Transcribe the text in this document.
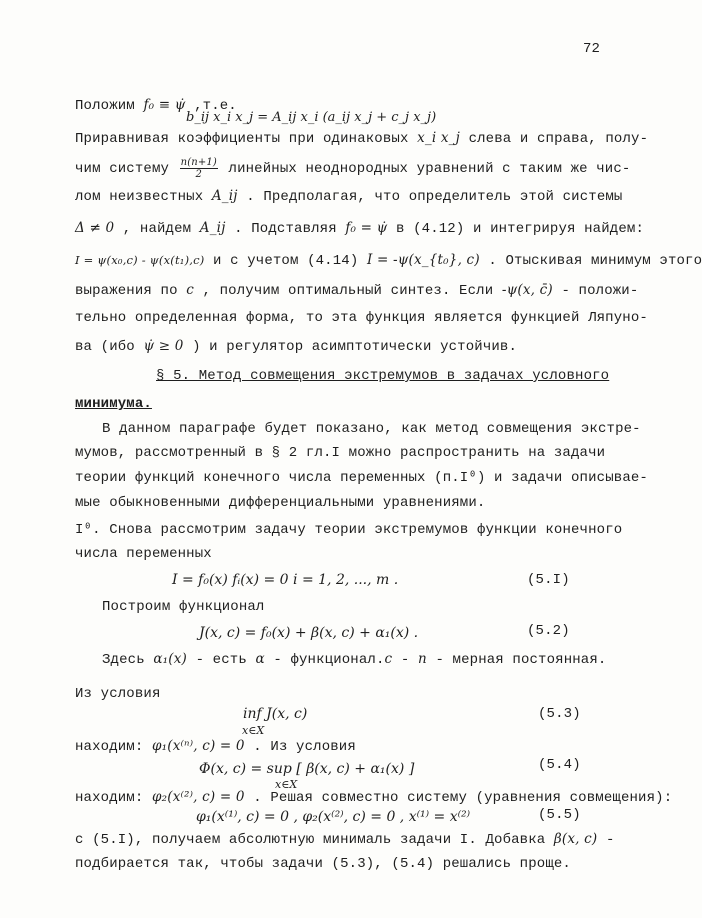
72
Положим f₀ ≡ ψ̇ ,т.е.
b_ij x_i x_j = A_ij x_i (a_ij x_j + c_j x_j)
Приравнивая коэффициенты при одинаковых x_i x_j слева и справа, полу-
чим систему $\frac{n(n+1)}{2}$ линейных неоднородных уравнений с таким же чис-
лом неизвестных A_ij . Предполагая, что определитель этой системы
Δ ≠ 0 , найдем A_ij . Подставляя f₀ = ψ̇ в (4.12) и интегрируя найдем:
I = ψ(x₀,c) - ψ(x(t₁),c) и с учетом (4.14) I = -ψ(x_{t₀}, c) . Отыскивая минимум этого
выражения по c , получим оптимальный синтез. Если -ψ(x, c̄) - положи-
тельно определенная форма, то эта функция является функцией Ляпуно-
ва (ибо ψ̇ ≥ 0 ) и регулятор асимптотически устойчив.
§ 5. Метод совмещения экстремумов в задачах условного
минимума.
В данном параграфе будет показано, как метод совмещения экстре-
мумов, рассмотренный в § 2 гл.I можно распространить на задачи
теории функций конечного числа переменных (п.I⁰) и задачи описывае-
мые обыкновенными дифференциальными уравнениями.
I⁰. Снова рассмотрим задачу теории экстремумов функции конечного
числа переменных
I = f₀(x) fᵢ(x) = 0 i = 1, 2, ..., m .	(5.I)
Построим функционал
J(x, c) = f₀(x) + β(x, c) + α₁(x) .	(5.2)
Здесь α₁(x) - есть α - функционал.c - n - мерная постоянная.
Из условия
inf J(x, c)
x∈X
(5.3)
находим: φ₁(x⁽ⁿ⁾, c) = 0 . Из условия
Φ(x, c) = sup [ β(x, c) + α₁(x) ]
x∈X
(5.4)
находим: φ₂(x⁽²⁾, c) = 0 . Решая совместно систему (уравнения совмещения):
φ₁(x⁽¹⁾, c) = 0 , φ₂(x⁽²⁾, c) = 0 , x⁽¹⁾ = x⁽²⁾	(5.5)
с (5.I), получаем абсолютную минималь задачи I. Добавка β(x, c) -
подбирается так, чтобы задачи (5.3), (5.4) решались проще.
